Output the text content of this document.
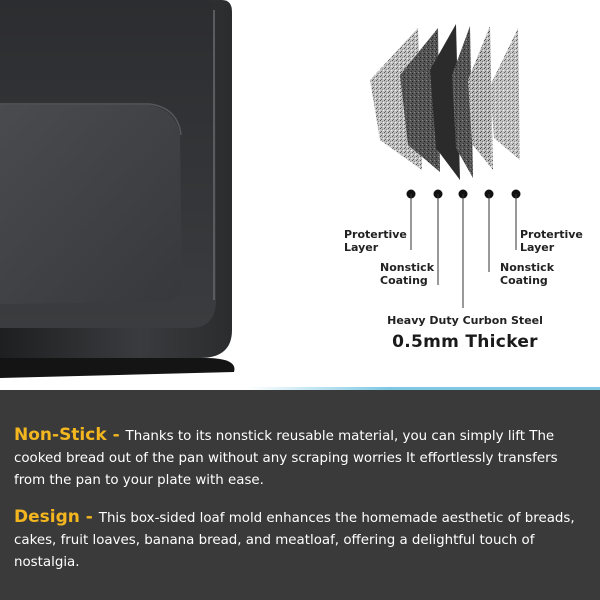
Protertive
Layer
Nonstick
Coating
Protertive
Layer
Nonstick
Coating
Heavy Duty Curbon Steel
0.5mm Thicker
Non-Stick - Thanks to its nonstick reusable material, you can simply lift The cooked bread out of the pan without any scraping worries It effortlessly transfers from the pan to your plate with ease.
Design - This box-sided loaf mold enhances the homemade aesthetic of breads, cakes, fruit loaves, banana bread, and meatloaf, offering a delightful touch of nostalgia.
